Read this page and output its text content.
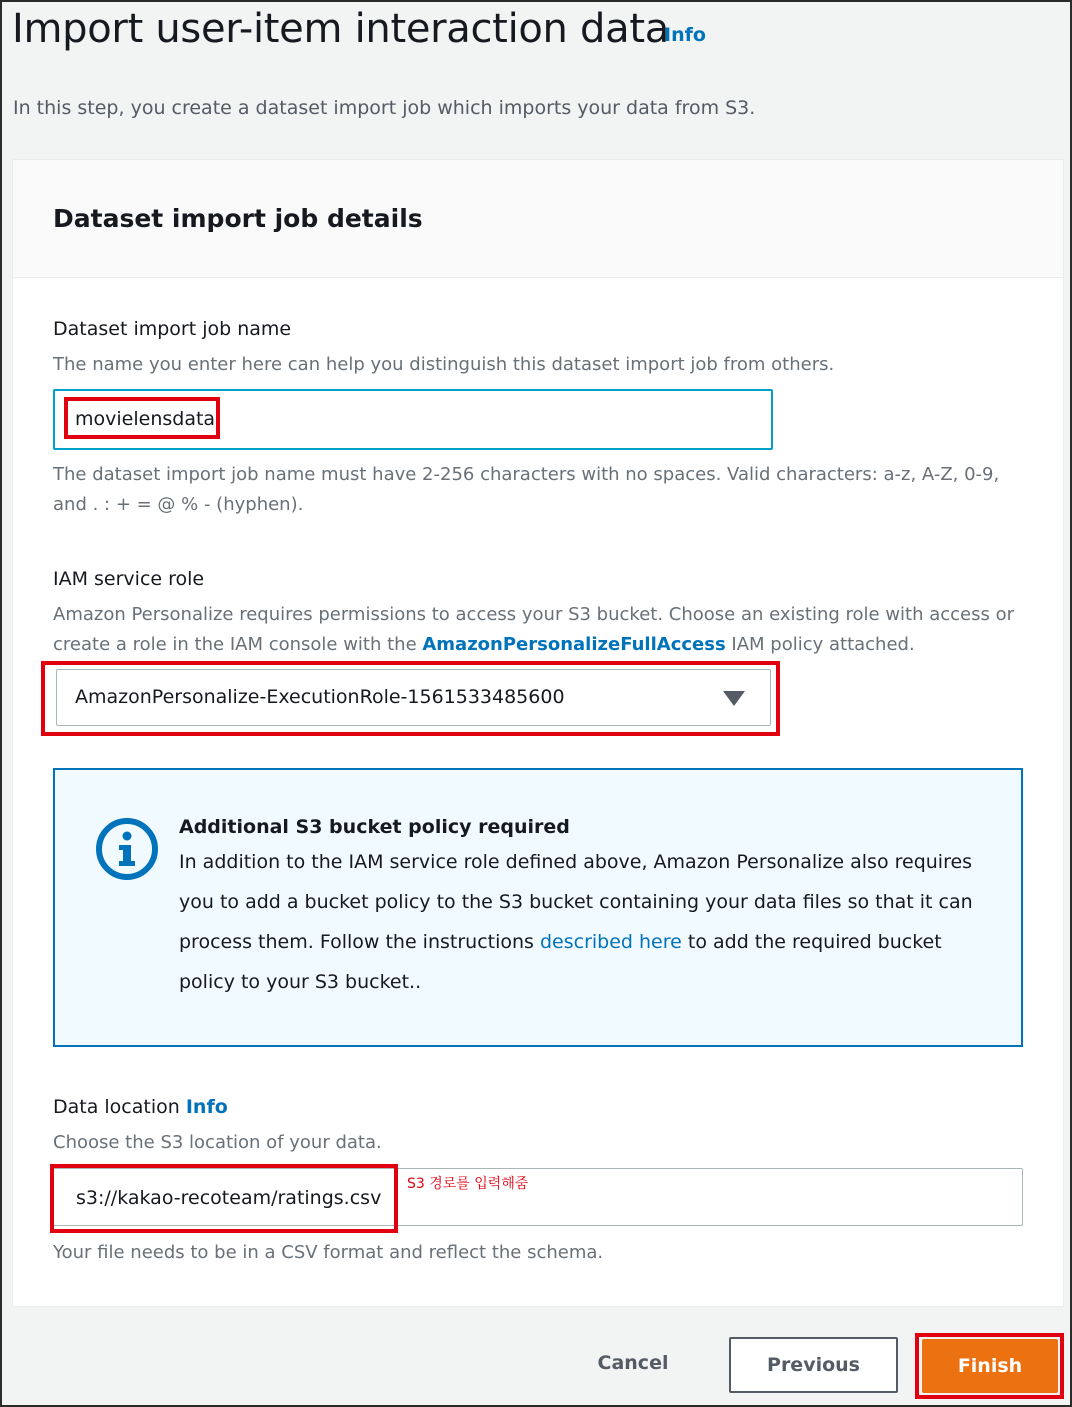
Import user-item interaction data
Info

In this step, you create a dataset import job which imports your data from S3.

Dataset import job details
Dataset import job name
The name you enter here can help you distinguish this dataset import job from others.
movielensdata
The dataset import job name must have 2-256 characters with no spaces. Valid characters: a-z, A-Z, 0-9,
and . : + = @ % - (hyphen).
IAM service role
Amazon Personalize requires permissions to access your S3 bucket. Choose an existing role with access or
create a role in the IAM console with the AmazonPersonalizeFullAccess IAM policy attached.
AmazonPersonalize-ExecutionRole-1561533485600
Additional S3 bucket policy required
In addition to the IAM service role defined above, Amazon Personalize also requires you to add a bucket policy to the S3 bucket containing your data files so that it can process them. Follow the instructions described here to add the required bucket policy to your S3 bucket..
Data location Info
Choose the S3 location of your data.
s3://kakao-recoteam/ratings.csv
S3 경로를 입력해줌
Your file needs to be in a CSV format and reflect the schema.
Cancel	Previous	Finish
